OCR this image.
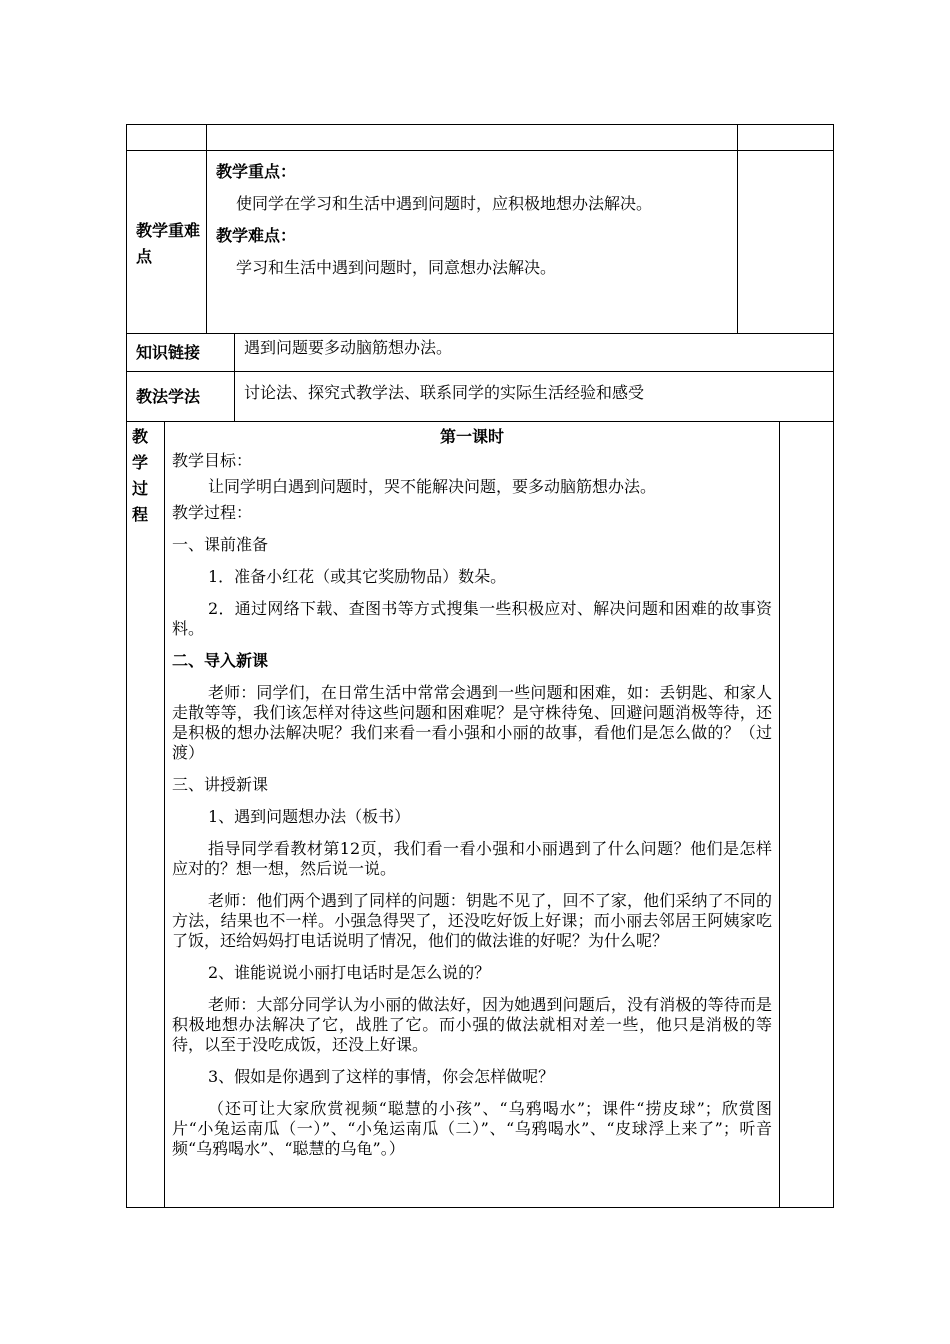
教学重难点

教学重点：

使同学在学习和生活中遇到问题时，应积极地想办法解决。

教学难点：

学习和生活中遇到问题时，同意想办法解决。

知识链接	遇到问题要多动脑筋想办法。
教法学法	讨论法、探究式教学法、联系同学的实际生活经验和感受
教
学
过
程

第一课时

教学目标：

让同学明白遇到问题时，哭不能解决问题，要多动脑筋想办法。

教学过程：

一、课前准备

1．准备小红花（或其它奖励物品）数朵。

2．通过网络下载、查图书等方式搜集一些积极应对、解决问题和困难的故事资料。

二、导入新课

老师：同学们，在日常生活中常常会遇到一些问题和困难，如：丢钥匙、和家人走散等等，我们该怎样对待这些问题和困难呢？是守株待兔、回避问题消极等待，还是积极的想办法解决呢？我们来看一看小强和小丽的故事，看他们是怎么做的？（过渡）

三、讲授新课

1、遇到问题想办法（板书）

指导同学看教材第12页，我们看一看小强和小丽遇到了什么问题？他们是怎样应对的？想一想，然后说一说。

老师：他们两个遇到了同样的问题：钥匙不见了，回不了家，他们采纳了不同的方法，结果也不一样。小强急得哭了，还没吃好饭上好课；而小丽去邻居王阿姨家吃了饭，还给妈妈打电话说明了情况，他们的做法谁的好呢？为什么呢？

2、谁能说说小丽打电话时是怎么说的？

老师：大部分同学认为小丽的做法好，因为她遇到问题后，没有消极的等待而是积极地想办法解决了它，战胜了它。而小强的做法就相对差一些，他只是消极的等待，以至于没吃成饭，还没上好课。

3、假如是你遇到了这样的事情，你会怎样做呢？

（还可让大家欣赏视频“聪慧的小孩”、“乌鸦喝水”；课件“捞皮球”；欣赏图片“小兔运南瓜（一）”、“小兔运南瓜（二）”、“乌鸦喝水”、“皮球浮上来了”；听音频“乌鸦喝水”、“聪慧的乌龟”。）
